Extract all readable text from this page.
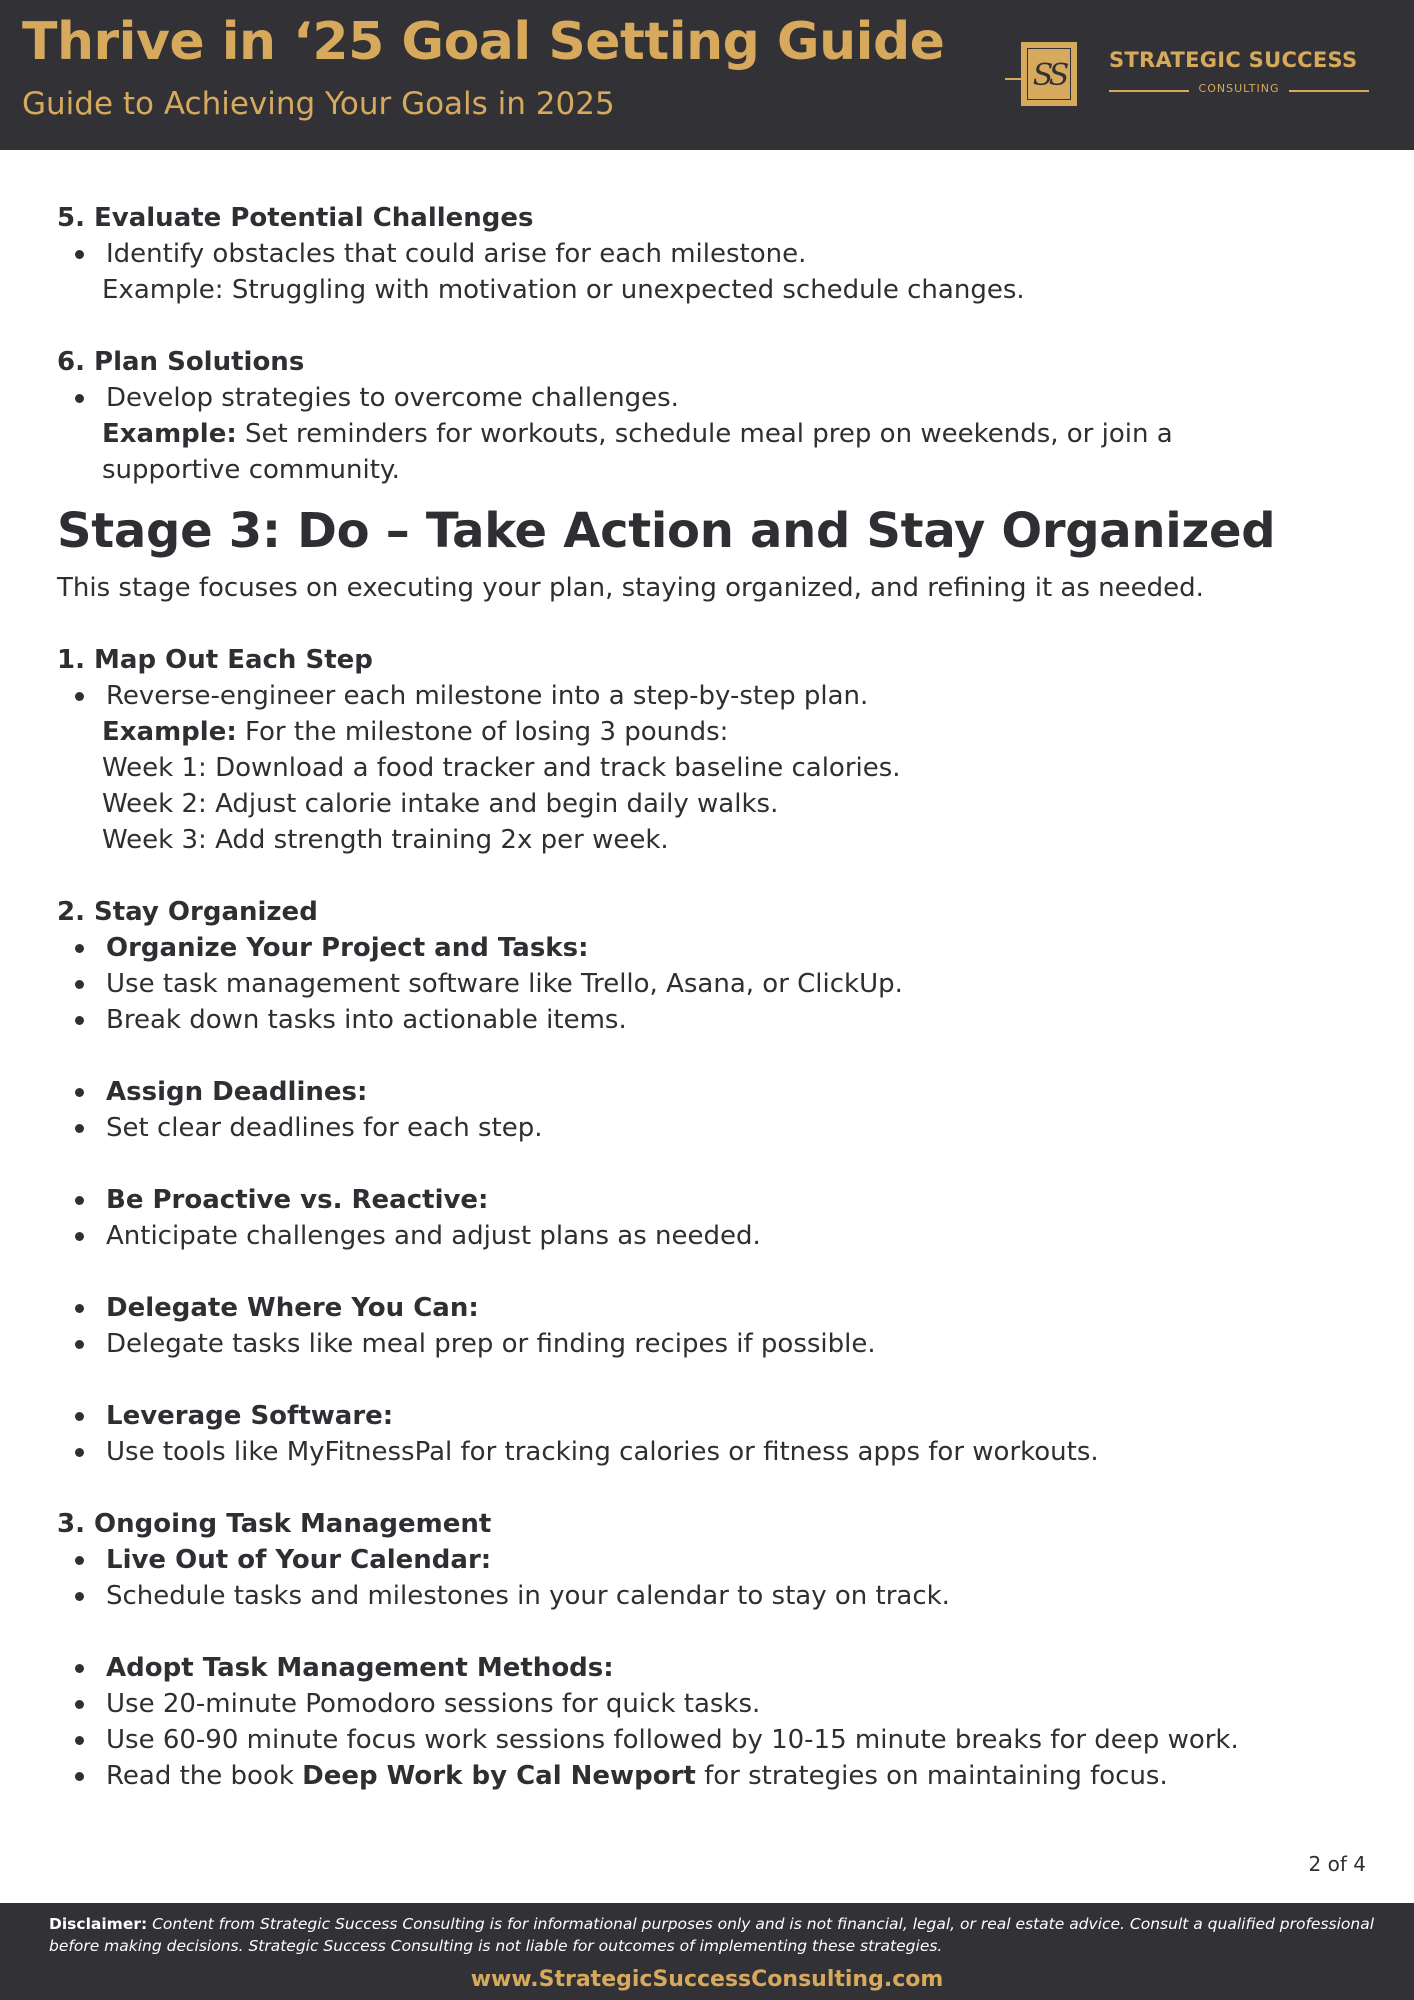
Thrive in ‘25 Goal Setting Guide
Guide to Achieving Your Goals in 2025
SS STRATEGIC SUCCESS
CONSULTING

5. Evaluate Potential Challenges

Identify obstacles that could arise for each milestone.

Example: Struggling with motivation or unexpected schedule changes.

6. Plan Solutions

Develop strategies to overcome challenges.

Example: Set reminders for workouts, schedule meal prep on weekends, or join a

supportive community.

Stage 3: Do – Take Action and Stay Organized

This stage focuses on executing your plan, staying organized, and refining it as needed.

1. Map Out Each Step

Reverse-engineer each milestone into a step-by-step plan.

Example: For the milestone of losing 3 pounds:

Week 1: Download a food tracker and track baseline calories.

Week 2: Adjust calorie intake and begin daily walks.

Week 3: Add strength training 2x per week.

2. Stay Organized

Organize Your Project and Tasks:

Use task management software like Trello, Asana, or ClickUp.

Break down tasks into actionable items.

Assign Deadlines:

Set clear deadlines for each step.

Be Proactive vs. Reactive:

Anticipate challenges and adjust plans as needed.

Delegate Where You Can:

Delegate tasks like meal prep or finding recipes if possible.

Leverage Software:

Use tools like MyFitnessPal for tracking calories or fitness apps for workouts.

3. Ongoing Task Management

Live Out of Your Calendar:

Schedule tasks and milestones in your calendar to stay on track.

Adopt Task Management Methods:

Use 20-minute Pomodoro sessions for quick tasks.

Use 60-90 minute focus work sessions followed by 10-15 minute breaks for deep work.

Read the book Deep Work by Cal Newport for strategies on maintaining focus.

2 of 4
Disclaimer: Content from Strategic Success Consulting is for informational purposes only and is not financial, legal, or real estate advice. Consult a qualified professional before making decisions. Strategic Success Consulting is not liable for outcomes of implementing these strategies.
www.StrategicSuccessConsulting.com
